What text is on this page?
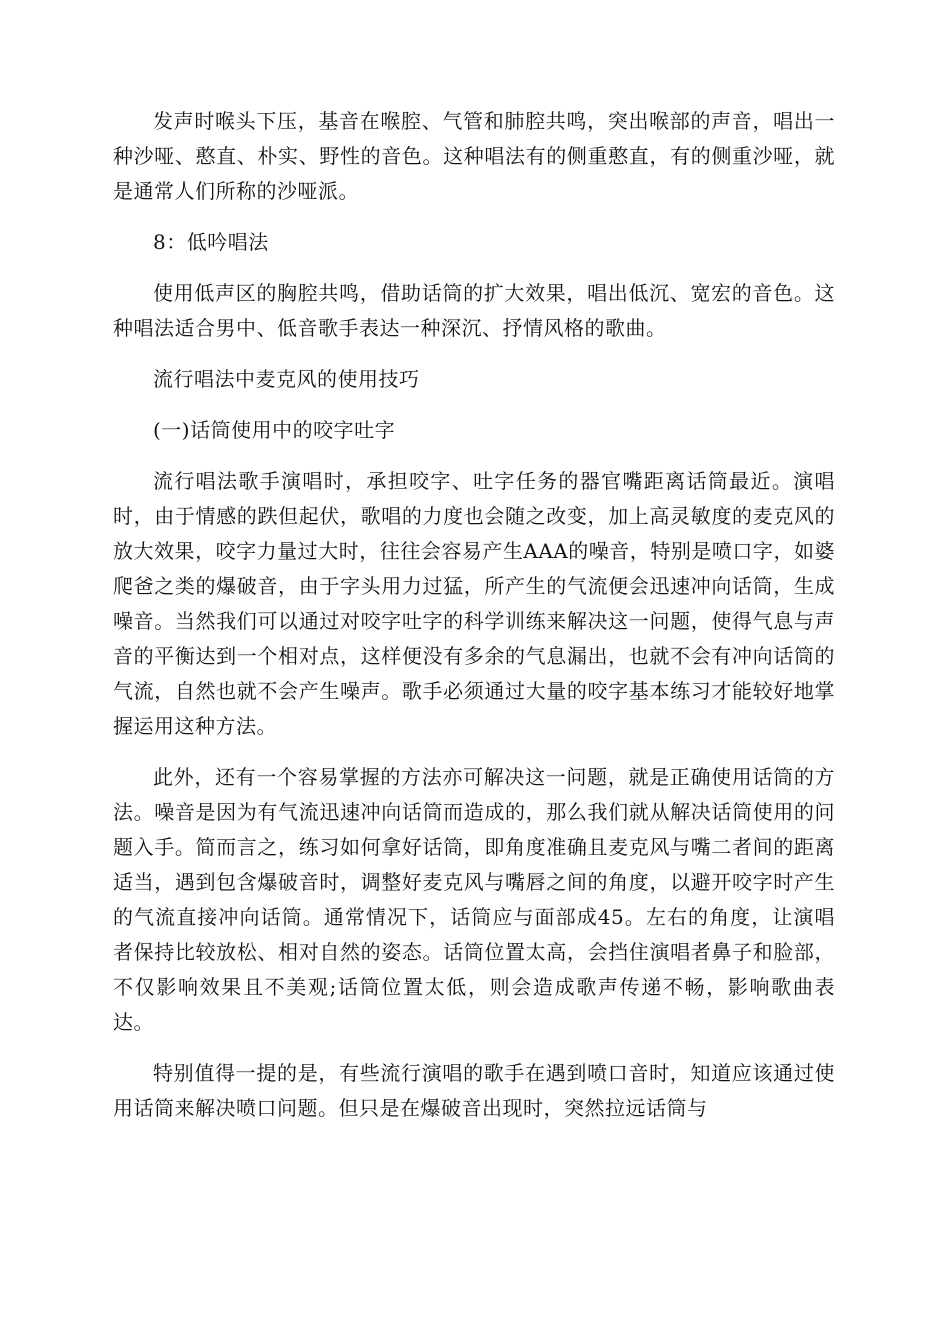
发声时喉头下压，基音在喉腔、气管和肺腔共鸣，突出喉部的声音，唱出一种沙哑、憨直、朴实、野性的音色。这种唱法有的侧重憨直，有的侧重沙哑，就是通常人们所称的沙哑派。

8：低吟唱法

使用低声区的胸腔共鸣，借助话筒的扩大效果，唱出低沉、宽宏的音色。这种唱法适合男中、低音歌手表达一种深沉、抒情风格的歌曲。

流行唱法中麦克风的使用技巧

(一)话筒使用中的咬字吐字

流行唱法歌手演唱时，承担咬字、吐字任务的器官嘴距离话筒最近。演唱时，由于情感的跌但起伏，歌唱的力度也会随之改变，加上高灵敏度的麦克风的放大效果，咬字力量过大时，往往会容易产生AAA的噪音，特别是喷口字，如婆爬爸之类的爆破音，由于字头用力过猛，所产生的气流便会迅速冲向话筒，生成噪音。当然我们可以通过对咬字吐字的科学训练来解决这一问题，使得气息与声音的平衡达到一个相对点，这样便没有多余的气息漏出，也就不会有冲向话筒的气流，自然也就不会产生噪声。歌手必须通过大量的咬字基本练习才能较好地掌握运用这种方法。

此外，还有一个容易掌握的方法亦可解决这一问题，就是正确使用话筒的方法。噪音是因为有气流迅速冲向话筒而造成的，那么我们就从解决话筒使用的问题入手。简而言之，练习如何拿好话筒，即角度准确且麦克风与嘴二者间的距离适当，遇到包含爆破音时，调整好麦克风与嘴唇之间的角度，以避开咬字时产生的气流直接冲向话筒。通常情况下，话筒应与面部成45。左右的角度，让演唱者保持比较放松、相对自然的姿态。话筒位置太高，会挡住演唱者鼻子和脸部，不仅影响效果且不美观;话筒位置太低，则会造成歌声传递不畅，影响歌曲表达。

特别值得一提的是，有些流行演唱的歌手在遇到喷口音时，知道应该通过使用话筒来解决喷口问题。但只是在爆破音出现时，突然拉远话筒与
